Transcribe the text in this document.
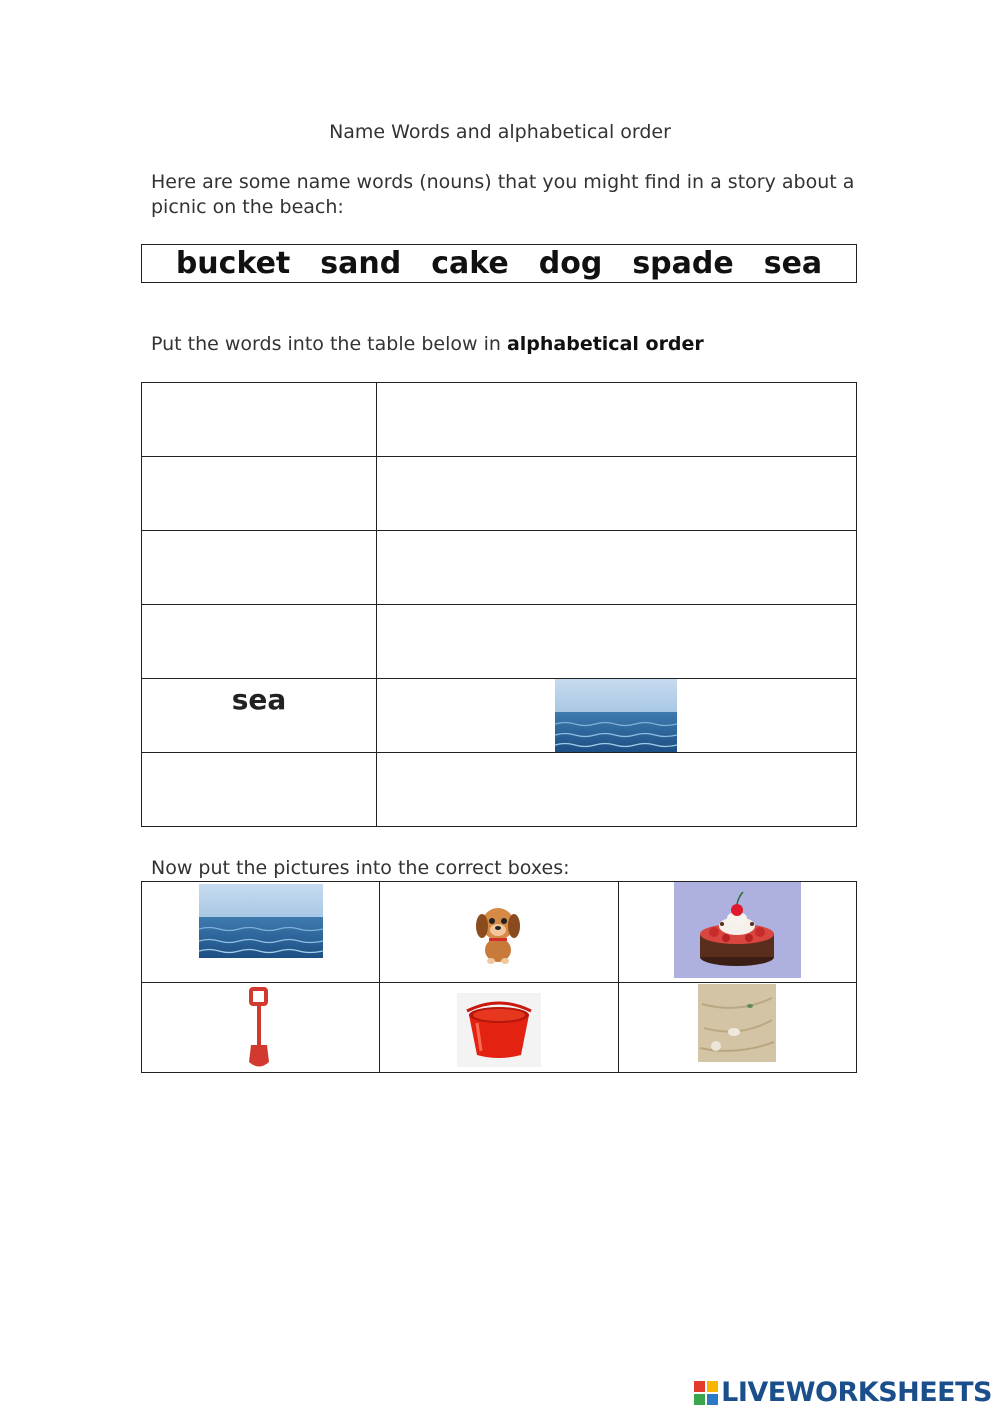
Name Words and alphabetical order
Here are some name words (nouns) that you might find in a story about a picnic on the beach:
bucket sand cake dog spade sea
Put the words into the table below in alphabetical order

sea

Now put the pictures into the correct boxes:

LIVEWORKSHEETS
